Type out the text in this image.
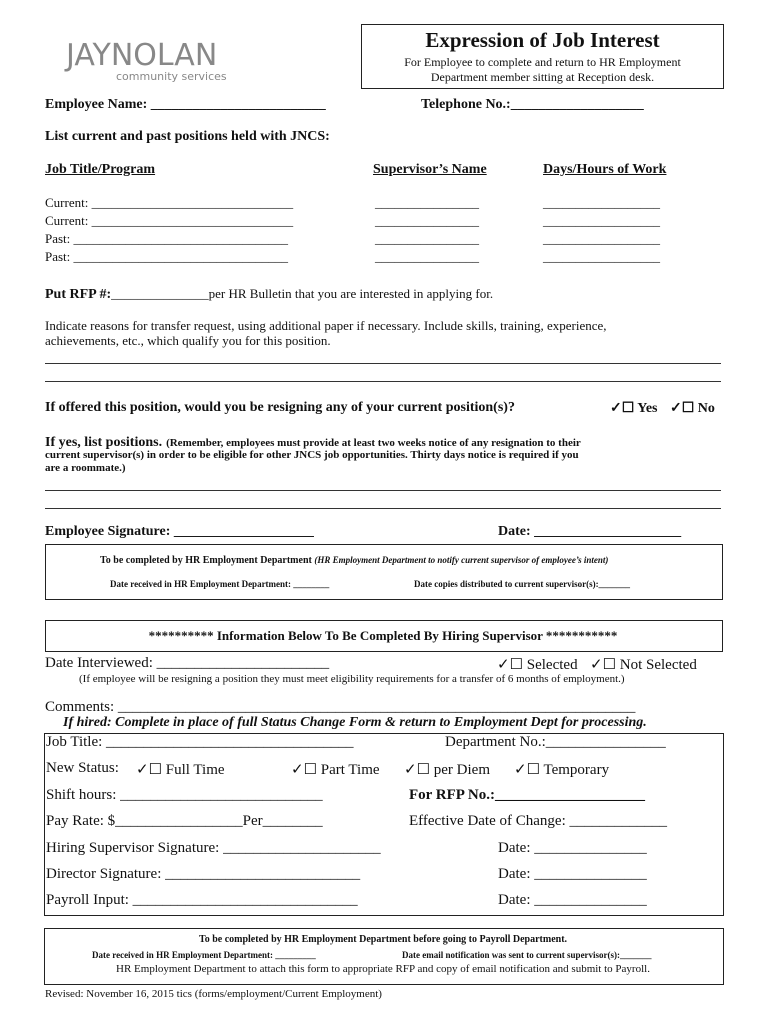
JAYNOLAN
community services
Expression of Job Interest
For Employee to complete and return to HR Employment
Department member sitting at Reception desk.
Employee Name: _________________________	Telephone No.:___________________
List current and past positions held with JNCS:
Job Title/Program	Supervisor’s Name	Days/Hours of Work
Current: _______________________________	________________	__________________
Current: _______________________________	________________	__________________
Past: _________________________________	________________	__________________
Past: _________________________________	________________	__________________
Put RFP #:_______________per HR Bulletin that you are interested in applying for.
Indicate reasons for transfer request, using additional paper if necessary. Include skills, training, experience,
achievements, etc., which qualify you for this position.
If offered this position, would you be resigning any of your current position(s)?	✓☐ Yes ✓☐ No
If yes, list positions. (Remember, employees must provide at least two weeks notice of any resignation to their
current supervisor(s) in order to be eligible for other JNCS job opportunities. Thirty days notice is required if you
are a roommate.)
Employee Signature: ____________________	Date: _____________________
To be completed by HR Employment Department (HR Employment Department to notify current supervisor of employee’s intent)
Date received in HR Employment Department: ________	Date copies distributed to current supervisor(s):_______
********** Information Below To Be Completed By Hiring Supervisor ***********
Date Interviewed: _______________________	✓☐ Selected ✓☐ Not Selected
(If employee will be resigning a position they must meet eligibility requirements for a transfer of 6 months of employment.)
Comments: _____________________________________________________________________
If hired: Complete in place of full Status Change Form & return to Employment Dept for processing.
Job Title: _________________________________	Department No.:________________
New Status: ✓☐ Full Time	✓☐ Part Time ✓☐ per Diem ✓☐ Temporary
Shift hours: ___________________________	For RFP No.:____________________
Pay Rate: $_________________Per________	Effective Date of Change: _____________
Hiring Supervisor Signature: _____________________	Date: _______________
Director Signature: __________________________	Date: _______________
Payroll Input: ______________________________	Date: _______________
To be completed by HR Employment Department before going to Payroll Department.
Date received in HR Employment Department: _________	Date email notification was sent to current supervisor(s):_______
HR Employment Department to attach this form to appropriate RFP and copy of email notification and submit to Payroll.
Revised: November 16, 2015 tics (forms/employment/Current Employment)
